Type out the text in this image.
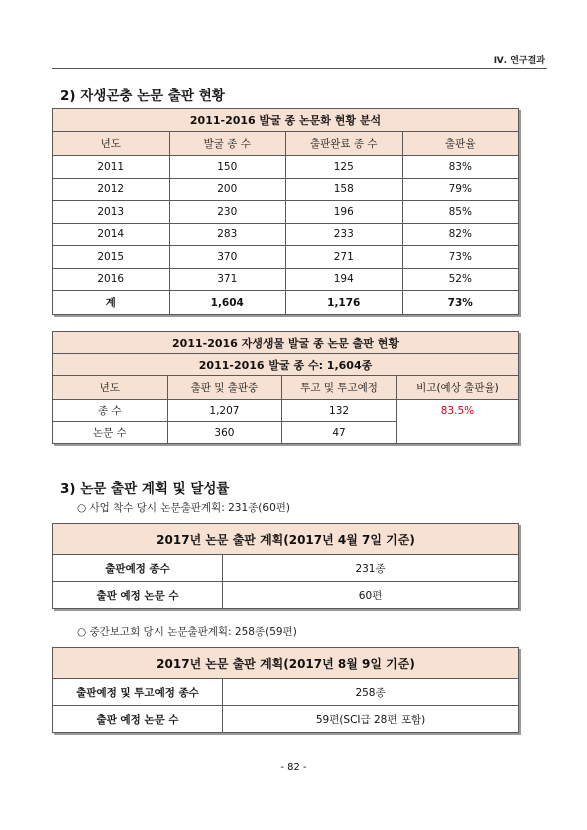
Ⅳ. 연구결과
2) 자생곤충 논문 출판 현황
2011-2016 발굴 종 논문화 현황 분석			
년도	발굴 종 수	출판완료 종 수	출판율
2011	150	125	83%
2012	200	158	79%
2013	230	196	85%
2014	283	233	82%
2015	370	271	73%
2016	371	194	52%
계	1,604	1,176	73%
2011-2016 자생생물 발굴 종 논문 출판 현황			
2011-2016 발굴 종 수: 1,604종			
년도	출판 및 출판중	투고 및 투고예정	비고(예상 출판율)
종 수	1,207	132	83.5%
논문 수	360	47	
3) 논문 출판 계획 및 달성률
○ 사업 착수 당시 논문출판계획: 231종(60편)
2017년 논문 출판 계획(2017년 4월 7일 기준)	
출판예정 종수	231종
출판 예정 논문 수	60편
○ 중간보고회 당시 논문출판계획: 258종(59편)
2017년 논문 출판 계획(2017년 8월 9일 기준)	
출판예정 및 투고예정 종수	258종
출판 예정 논문 수	59편(SCI급 28편 포함)
- 82 -
